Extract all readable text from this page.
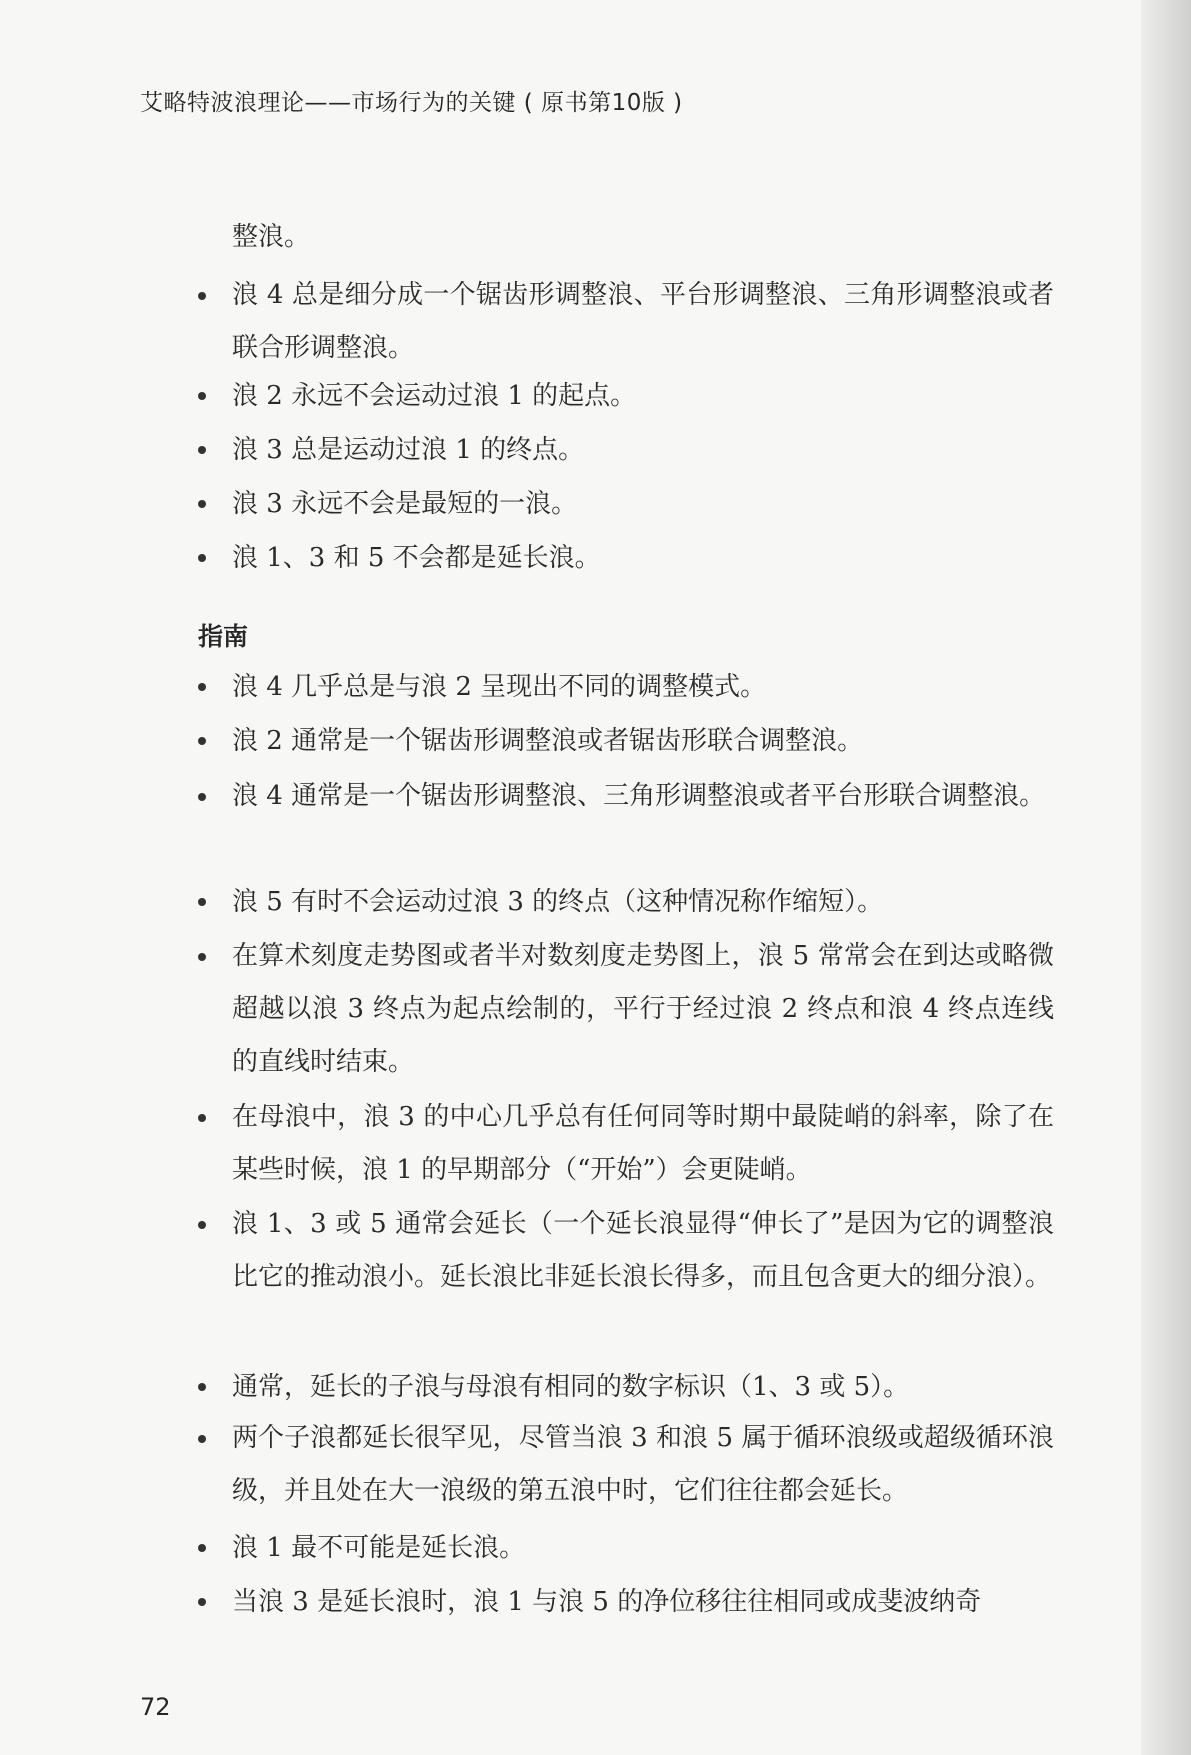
艾略特波浪理论——市场行为的关键 ( 原书第10版 )
整浪。
浪 4 总是细分成一个锯齿形调整浪、平台形调整浪、三角形调整浪或者联合形调整浪。
浪 2 永远不会运动过浪 1 的起点。
浪 3 总是运动过浪 1 的终点。
浪 3 永远不会是最短的一浪。
浪 1、3 和 5 不会都是延长浪。
指南
浪 4 几乎总是与浪 2 呈现出不同的调整模式。
浪 2 通常是一个锯齿形调整浪或者锯齿形联合调整浪。
浪 4 通常是一个锯齿形调整浪、三角形调整浪或者平台形联合调整浪。
浪 5 有时不会运动过浪 3 的终点（这种情况称作缩短）。
在算术刻度走势图或者半对数刻度走势图上，浪 5 常常会在到达或略微超越以浪 3 终点为起点绘制的，平行于经过浪 2 终点和浪 4 终点连线的直线时结束。
在母浪中，浪 3 的中心几乎总有任何同等时期中最陡峭的斜率，除了在某些时候，浪 1 的早期部分（“开始”）会更陡峭。
浪 1、3 或 5 通常会延长（一个延长浪显得“伸长了”是因为它的调整浪比它的推动浪小。延长浪比非延长浪长得多，而且包含更大的细分浪）。
通常，延长的子浪与母浪有相同的数字标识（1、3 或 5）。
两个子浪都延长很罕见，尽管当浪 3 和浪 5 属于循环浪级或超级循环浪级，并且处在大一浪级的第五浪中时，它们往往都会延长。
浪 1 最不可能是延长浪。
当浪 3 是延长浪时，浪 1 与浪 5 的净位移往往相同或成斐波纳奇
72
